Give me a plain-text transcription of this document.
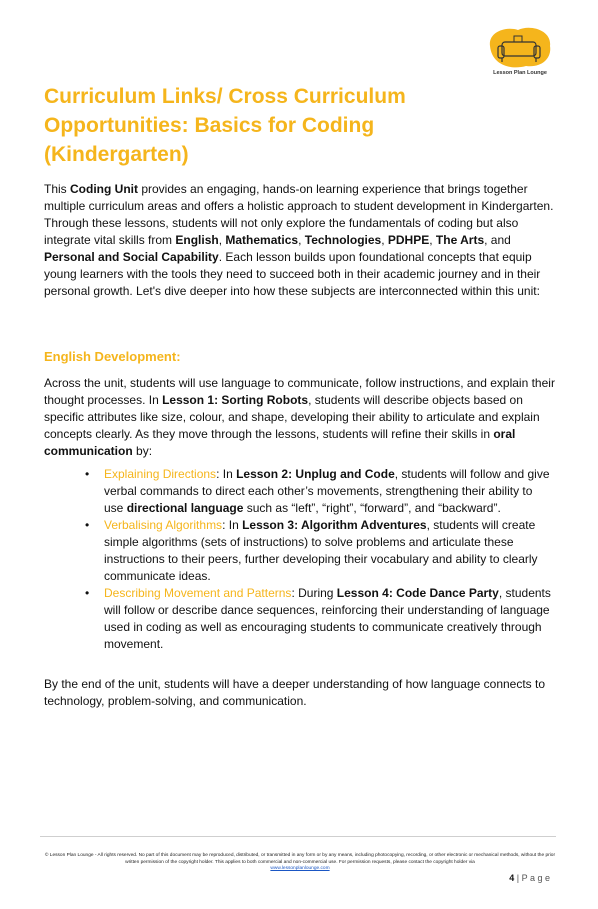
Lesson Plan Lounge
Curriculum Links/ Cross Curriculum Opportunities: Basics for Coding (Kindergarten)

This Coding Unit provides an engaging, hands-on learning experience that brings together multiple curriculum areas and offers a holistic approach to student development in Kindergarten. Through these lessons, students will not only explore the fundamentals of coding but also integrate vital skills from English, Mathematics, Technologies, PDHPE, The Arts, and Personal and Social Capability. Each lesson builds upon foundational concepts that equip young learners with the tools they need to succeed both in their academic journey and in their personal growth. Let's dive deeper into how these subjects are interconnected within this unit:

English Development:

Across the unit, students will use language to communicate, follow instructions, and explain their thought processes. In Lesson 1: Sorting Robots, students will describe objects based on specific attributes like size, colour, and shape, developing their ability to articulate and explain concepts clearly. As they move through the lessons, students will refine their skills in oral communication by:

• Explaining Directions: In Lesson 2: Unplug and Code, students will follow and give verbal commands to direct each other’s movements, strengthening their ability to use directional language such as “left”, “right”, “forward”, and “backward”.
• Verbalising Algorithms: In Lesson 3: Algorithm Adventures, students will create simple algorithms (sets of instructions) to solve problems and articulate these instructions to their peers, further developing their vocabulary and ability to clearly communicate ideas.
• Describing Movement and Patterns: During Lesson 4: Code Dance Party, students will follow or describe dance sequences, reinforcing their understanding of language used in coding as well as encouraging students to communicate creatively through movement.

By the end of the unit, students will have a deeper understanding of how language connects to technology, problem-solving, and communication.

© Lesson Plan Lounge - All rights reserved. No part of this document may be reproduced, distributed, or transmitted in any form or by any means, including photocopying, recording, or other electronic or mechanical methods, without the prior written permission of the copyright holder. This applies to both commercial and non-commercial use. For permission requests, please contact the copyright holder via
www.lessonplanlounge.com
4 | P a g e
